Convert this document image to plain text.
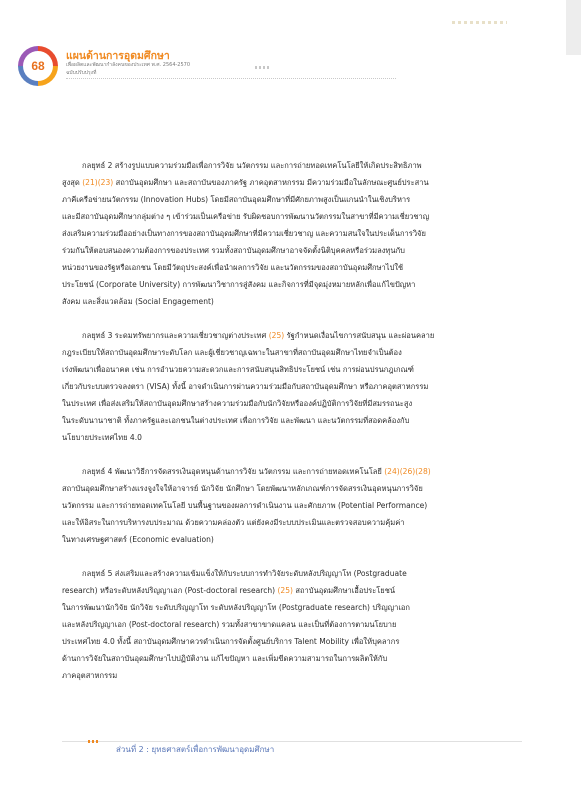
68
แผนด้านการอุดมศึกษา
เพื่อผลิตและพัฒนากำลังคนของประเทศ พ.ศ. 2564-2570
ฉบับปรับปรุงที่
กลยุทธ์ 2 สร้างรูปแบบความร่วมมือเพื่อการวิจัย นวัตกรรม และการถ่ายทอดเทคโนโลยีให้เกิดประสิทธิภาพ
สูงสุด (21)(23) สถาบันอุดมศึกษา และสถาบันของภาครัฐ ภาคอุตสาหกรรม มีความร่วมมือในลักษณะศูนย์ประสาน
ภาคีเครือข่ายนวัตกรรม (Innovation Hubs) โดยมีสถาบันอุดมศึกษาที่มีศักยภาพสูงเป็นแกนนำในเชิงบริหาร
และมีสถาบันอุดมศึกษากลุ่มต่าง ๆ เข้าร่วมเป็นเครือข่าย รับผิดชอบการพัฒนานวัตกรรมในสาขาที่มีความเชี่ยวชาญ
ส่งเสริมความร่วมมืออย่างเป็นทางการของสถาบันอุดมศึกษาที่มีความเชี่ยวชาญ และความสนใจในประเด็นการวิจัย
ร่วมกันให้ตอบสนองความต้องการของประเทศ รวมทั้งสถาบันอุดมศึกษาอาจจัดตั้งนิติบุคคลหรือร่วมลงทุนกับ
หน่วยงานของรัฐหรือเอกชน โดยมีวัตถุประสงค์เพื่อนำผลการวิจัย และนวัตกรรมของสถาบันอุดมศึกษาไปใช้
ประโยชน์ (Corporate University) การพัฒนาวิชาการสู่สังคม และกิจการที่มีจุดมุ่งหมายหลักเพื่อแก้ไขปัญหา
สังคม และสิ่งแวดล้อม (Social Engagement)
กลยุทธ์ 3 ระดมทรัพยากรและความเชี่ยวชาญต่างประเทศ (25) รัฐกำหนดเงื่อนไขการสนับสนุน และผ่อนคลาย
กฎระเบียบให้สถาบันอุดมศึกษาระดับโลก และผู้เชี่ยวชาญเฉพาะในสาขาที่สถาบันอุดมศึกษาไทยจำเป็นต้อง
เร่งพัฒนาเพื่ออนาคต เช่น การอำนวยความสะดวกและการสนับสนุนสิทธิประโยชน์ เช่น การผ่อนปรนกฎเกณฑ์
เกี่ยวกับระบบตรวจลงตรา (VISA) ทั้งนี้ อาจดำเนินการผ่านความร่วมมือกับสถาบันอุดมศึกษา หรือภาคอุตสาหกรรม
ในประเทศ เพื่อส่งเสริมให้สถาบันอุดมศึกษาสร้างความร่วมมือกับนักวิจัยหรือองค์ปฏิบัติการวิจัยที่มีสมรรถนะสูง
ในระดับนานาชาติ ทั้งภาครัฐและเอกชนในต่างประเทศ เพื่อการวิจัย และพัฒนา และนวัตกรรมที่สอดคล้องกับ
นโยบายประเทศไทย 4.0
กลยุทธ์ 4 พัฒนาวิธีการจัดสรรเงินอุดหนุนด้านการวิจัย นวัตกรรม และการถ่ายทอดเทคโนโลยี (24)(26)(28)
สถาบันอุดมศึกษาสร้างแรงจูงใจให้อาจารย์ นักวิจัย นักศึกษา โดยพัฒนาหลักเกณฑ์การจัดสรรเงินอุดหนุนการวิจัย
นวัตกรรม และการถ่ายทอดเทคโนโลยี บนพื้นฐานของผลการดำเนินงาน และศักยภาพ (Potential Performance)
และให้อิสระในการบริหารงบประมาณ ด้วยความคล่องตัว แต่ยังคงมีระบบประเมินและตรวจสอบความคุ้มค่า
ในทางเศรษฐศาสตร์ (Economic evaluation)
กลยุทธ์ 5 ส่งเสริมและสร้างความเข้มแข็งให้กับระบบการทำวิจัยระดับหลังปริญญาโท (Postgraduate
research) หรือระดับหลังปริญญาเอก (Post-doctoral research) (25) สถาบันอุดมศึกษาเอื้อประโยชน์
ในการพัฒนานักวิจัย นักวิจัย ระดับปริญญาโท ระดับหลังปริญญาโท (Postgraduate research) ปริญญาเอก
และหลังปริญญาเอก (Post-doctoral research) รวมทั้งสาขาขาดแคลน และเป็นที่ต้องการตามนโยบาย
ประเทศไทย 4.0 ทั้งนี้ สถาบันอุดมศึกษาควรดำเนินการจัดตั้งศูนย์บริการ Talent Mobility เพื่อให้บุคลากร
ด้านการวิจัยในสถาบันอุดมศึกษาไปปฏิบัติงาน แก้ไขปัญหา และเพิ่มขีดความสามารถในการผลิตให้กับ
ภาคอุตสาหกรรม
ส่วนที่ 2 : ยุทธศาสตร์เพื่อการพัฒนาอุดมศึกษา
